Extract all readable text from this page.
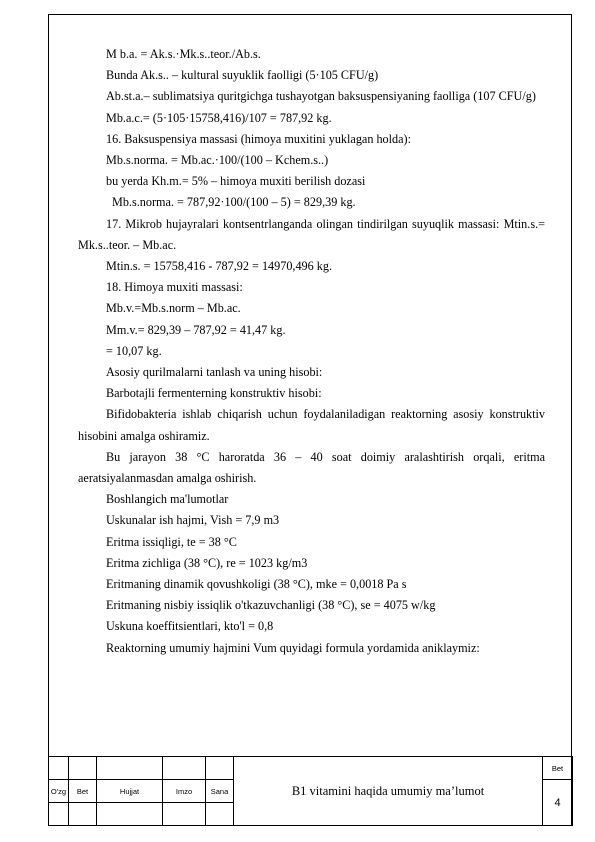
M b.a. = Ak.s.·Mk.s..teor./Ab.s.
Bunda Ak.s.. – kultural suyuklik faolligi (5·105 CFU/g)
Ab.st.a.– sublimatsiya quritgichga tushayotgan baksuspensiyaning faolliga (107 CFU/g)
Mb.a.c.= (5·105·15758,416)/107 = 787,92 kg.
16. Baksuspensiya massasi (himoya muxitini yuklagan holda):
Mb.s.norma. = Mb.ac.·100/(100 – Kchem.s..)
bu yerda Kh.m.= 5% – himoya muxiti berilish dozasi
Mb.s.norma. = 787,92·100/(100 – 5) = 829,39 kg.
17. Mikrob hujayralari kontsentrlanganda olingan tindirilgan suyuqlik massasi: Mtin.s.= Mk.s..teor. – Mb.ac.
Mtin.s. = 15758,416 - 787,92 = 14970,496 kg.
18. Himoya muxiti massasi:
Mb.v.=Mb.s.norm – Mb.ac.
Mm.v.= 829,39 – 787,92 = 41,47 kg.
= 10,07 kg.
Asosiy qurilmalarni tanlash va uning hisobi:
Barbotajli fermenterning konstruktiv hisobi:
Bifidobakteria ishlab chiqarish uchun foydalaniladigan reaktorning asosiy konstruktiv hisobini amalga oshiramiz.
Bu jarayon 38 °C haroratda 36 – 40 soat doimiy aralashtirish orqali, eritma aeratsiyalanmasdan amalga oshirish.
Boshlangich ma'lumotlar
Uskunalar ish hajmi, Vish = 7,9 m3
Eritma issiqligi, te = 38 °C
Eritma zichliga (38 °C), re = 1023 kg/m3
Eritmaning dinamik qovushkoligi (38 °C), mke = 0,0018 Pa s
Eritmaning nisbiy issiqlik o'tkazuvchanligi (38 °C), se = 4075 w/kg
Uskuna koeffitsientlari, kto'l = 0,8
Reaktorning umumiy hajmini Vum quyidagi formula yordamida aniklaymiz:
					B1 vitamini haqida umumiy ma’lumot	Bet
O'zg	Bet	Hujjat	Imzo	Sana		4
